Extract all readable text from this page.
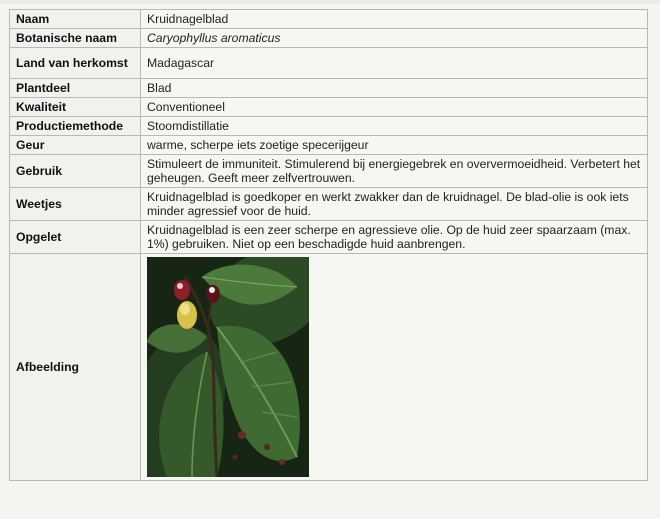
Naam	Kruidnagelblad
Botanische naam	Caryophyllus aromaticus
Land van herkomst	Madagascar
Plantdeel	Blad
Kwaliteit	Conventioneel
Productiemethode	Stoomdistillatie
Geur	warme, scherpe iets zoetige specerijgeur
Gebruik	Stimuleert de immuniteit. Stimulerend bij energiegebrek en oververmoeidheid. Verbetert het geheugen. Geeft meer zelfvertrouwen.
Weetjes	Kruidnagelblad is goedkoper en werkt zwakker dan de kruidnagel. De blad-olie is ook iets minder agressief voor de huid.
Opgelet	Kruidnagelblad is een zeer scherpe en agressieve olie. Op de huid zeer spaarzaam (max. 1%) gebruiken. Niet op een beschadigde huid aanbrengen.
Afbeelding	
